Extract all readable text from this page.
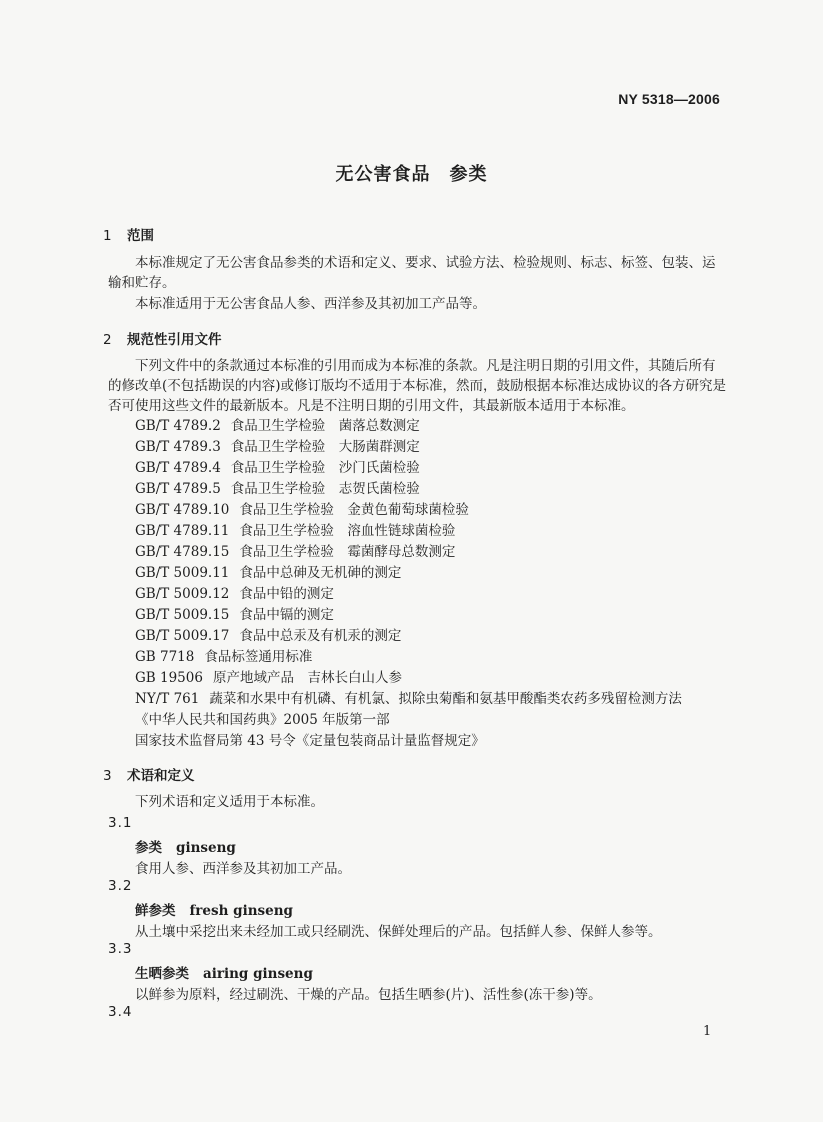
NY 5318—2006
无公害食品　参类
1 范围
本标准规定了无公害食品参类的术语和定义、要求、试验方法、检验规则、标志、标签、包装、运输和贮存。
本标准适用于无公害食品人参、西洋参及其初加工产品等。
2 规范性引用文件
下列文件中的条款通过本标准的引用而成为本标准的条款。凡是注明日期的引用文件，其随后所有的修改单(不包括勘误的内容)或修订版均不适用于本标准，然而，鼓励根据本标准达成协议的各方研究是否可使用这些文件的最新版本。凡是不注明日期的引用文件，其最新版本适用于本标准。
GB/T 4789.2 食品卫生学检验　菌落总数测定
GB/T 4789.3 食品卫生学检验　大肠菌群测定
GB/T 4789.4 食品卫生学检验　沙门氏菌检验
GB/T 4789.5 食品卫生学检验　志贺氏菌检验
GB/T 4789.10 食品卫生学检验　金黄色葡萄球菌检验
GB/T 4789.11 食品卫生学检验　溶血性链球菌检验
GB/T 4789.15 食品卫生学检验　霉菌酵母总数测定
GB/T 5009.11 食品中总砷及无机砷的测定
GB/T 5009.12 食品中铅的测定
GB/T 5009.15 食品中镉的测定
GB/T 5009.17 食品中总汞及有机汞的测定
GB 7718 食品标签通用标准
GB 19506 原产地域产品　吉林长白山人参
NY/T 761 蔬菜和水果中有机磷、有机氯、拟除虫菊酯和氨基甲酸酯类农药多残留检测方法
《中华人民共和国药典》2005 年版第一部
国家技术监督局第 43 号令《定量包装商品计量监督规定》
3 术语和定义
下列术语和定义适用于本标准。
3.1
参类 ginseng
食用人参、西洋参及其初加工产品。
3.2
鲜参类 fresh ginseng
从土壤中采挖出来未经加工或只经刷洗、保鲜处理后的产品。包括鲜人参、保鲜人参等。
3.3
生晒参类 airing ginseng
以鲜参为原料，经过刷洗、干燥的产品。包括生晒参(片)、活性参(冻干参)等。
3.4
1
